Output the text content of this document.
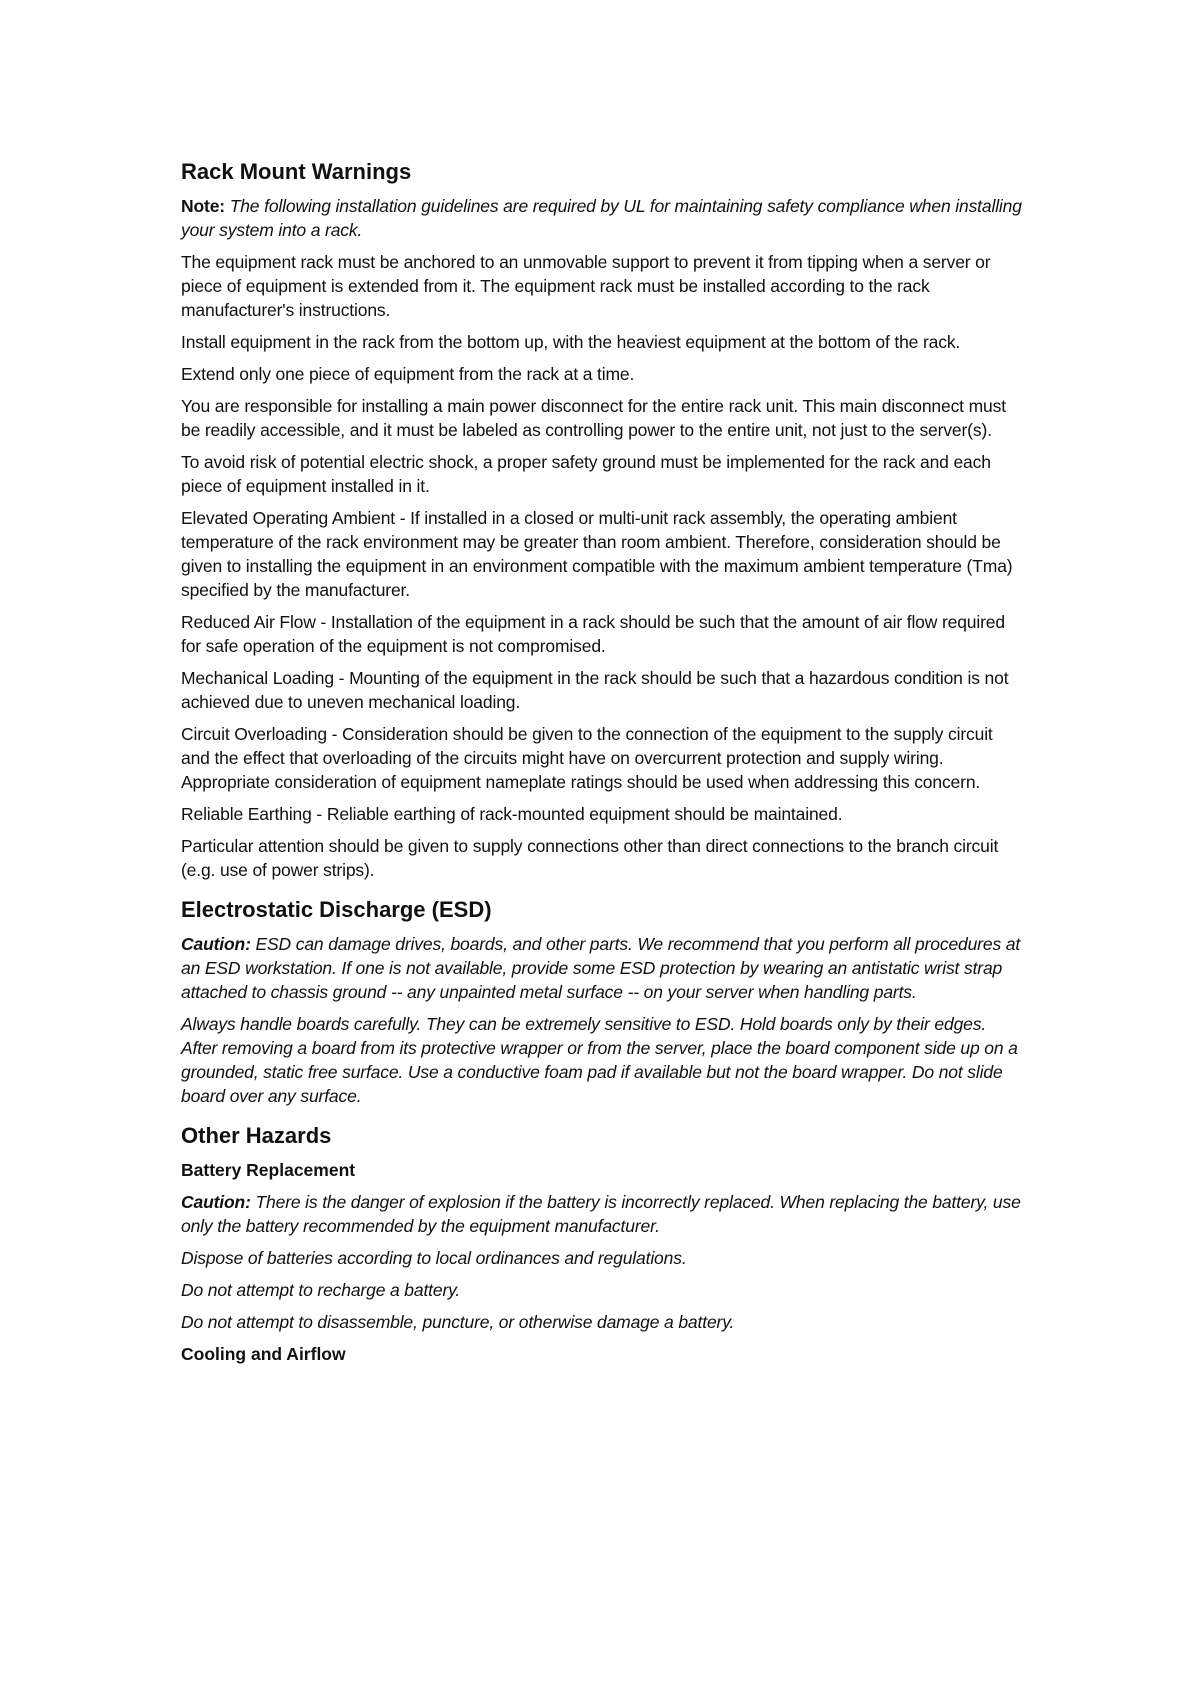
Rack Mount Warnings

Note: The following installation guidelines are required by UL for maintaining safety compliance when installing your system into a rack.

The equipment rack must be anchored to an unmovable support to prevent it from tipping when a server or piece of equipment is extended from it. The equipment rack must be installed according to the rack manufacturer's instructions.

Install equipment in the rack from the bottom up, with the heaviest equipment at the bottom of the rack.

Extend only one piece of equipment from the rack at a time.

You are responsible for installing a main power disconnect for the entire rack unit. This main disconnect must be readily accessible, and it must be labeled as controlling power to the entire unit, not just to the server(s).

To avoid risk of potential electric shock, a proper safety ground must be implemented for the rack and each piece of equipment installed in it.

Elevated Operating Ambient - If installed in a closed or multi-unit rack assembly, the operating ambient temperature of the rack environment may be greater than room ambient. Therefore, consideration should be given to installing the equipment in an environment compatible with the maximum ambient temperature (Tma) specified by the manufacturer.

Reduced Air Flow - Installation of the equipment in a rack should be such that the amount of air flow required for safe operation of the equipment is not compromised.

Mechanical Loading - Mounting of the equipment in the rack should be such that a hazardous condition is not achieved due to uneven mechanical loading.

Circuit Overloading - Consideration should be given to the connection of the equipment to the supply circuit and the effect that overloading of the circuits might have on overcurrent protection and supply wiring. Appropriate consideration of equipment nameplate ratings should be used when addressing this concern.

Reliable Earthing - Reliable earthing of rack-mounted equipment should be maintained.

Particular attention should be given to supply connections other than direct connections to the branch circuit (e.g. use of power strips).

Electrostatic Discharge (ESD)

Caution: ESD can damage drives, boards, and other parts. We recommend that you perform all procedures at an ESD workstation. If one is not available, provide some ESD protection by wearing an antistatic wrist strap attached to chassis ground -- any unpainted metal surface -- on your server when handling parts.

Always handle boards carefully. They can be extremely sensitive to ESD. Hold boards only by their edges. After removing a board from its protective wrapper or from the server, place the board component side up on a grounded, static free surface. Use a conductive foam pad if available but not the board wrapper. Do not slide board over any surface.

Other Hazards
Battery Replacement

Caution: There is the danger of explosion if the battery is incorrectly replaced. When replacing the battery, use only the battery recommended by the equipment manufacturer.

Dispose of batteries according to local ordinances and regulations.

Do not attempt to recharge a battery.

Do not attempt to disassemble, puncture, or otherwise damage a battery.

Cooling and Airflow
